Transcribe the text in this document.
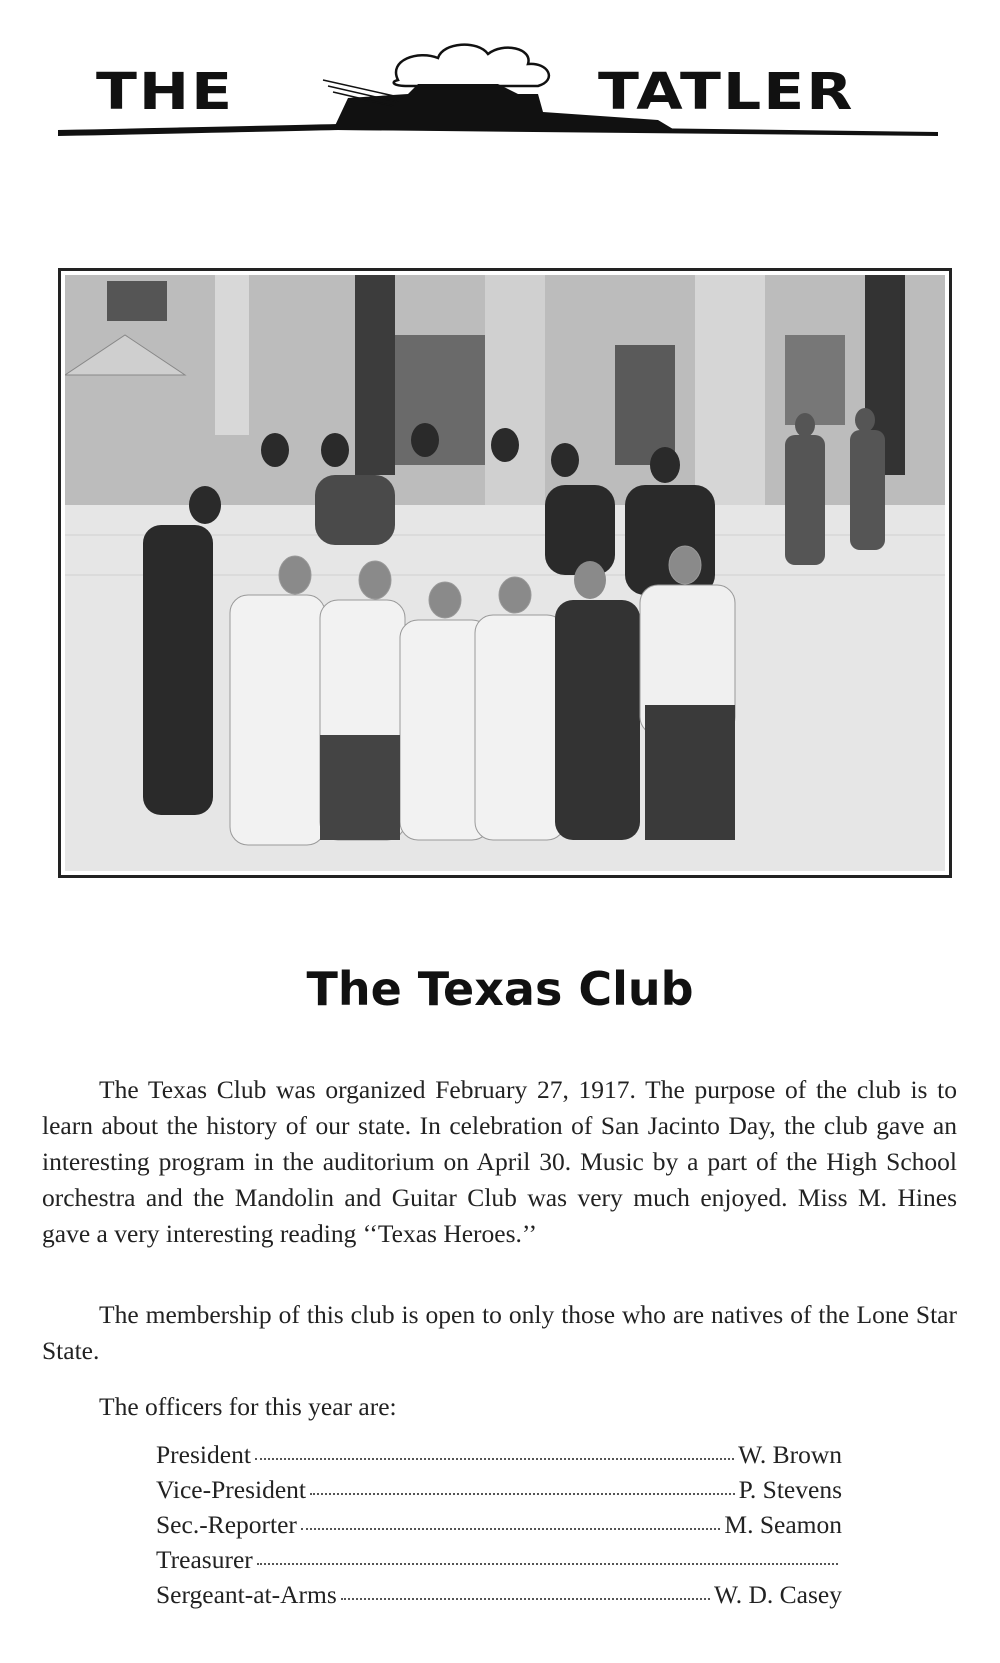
THE	TATLER
The Texas Club
The Texas Club was organized February 27, 1917. The purpose of the club is to learn about the history of our state. In celebration of San Jacinto Day, the club gave an interesting program in the auditorium on April 30. Music by a part of the High School orchestra and the Mandolin and Guitar Club was very much enjoyed. Miss M. Hines gave a very interesting reading ‘‘Texas Heroes.’’
The membership of this club is open to only those who are natives of the Lone Star State.
The officers for this year are:
President	W. Brown
Vice-President	P. Stevens
Sec.-Reporter	M. Seamon
Treasurer
Sergeant-at-Arms	W. D. Casey
